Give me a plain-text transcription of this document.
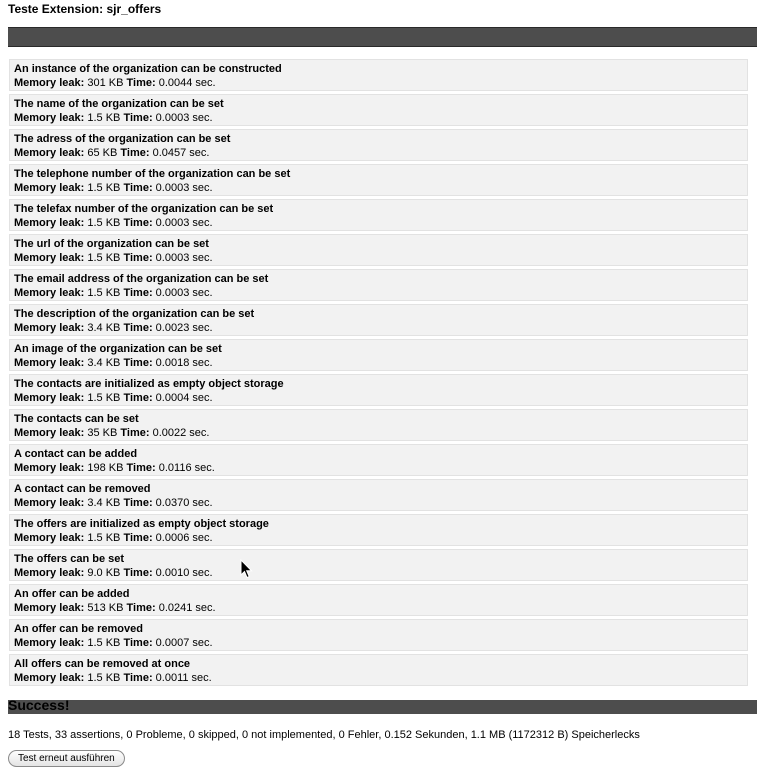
Teste Extension: sjr_offers
An instance of the organization can be constructed
Memory leak: 301 KB Time: 0.0044 sec.
The name of the organization can be set
Memory leak: 1.5 KB Time: 0.0003 sec.
The adress of the organization can be set
Memory leak: 65 KB Time: 0.0457 sec.
The telephone number of the organization can be set
Memory leak: 1.5 KB Time: 0.0003 sec.
The telefax number of the organization can be set
Memory leak: 1.5 KB Time: 0.0003 sec.
The url of the organization can be set
Memory leak: 1.5 KB Time: 0.0003 sec.
The email address of the organization can be set
Memory leak: 1.5 KB Time: 0.0003 sec.
The description of the organization can be set
Memory leak: 3.4 KB Time: 0.0023 sec.
An image of the organization can be set
Memory leak: 3.4 KB Time: 0.0018 sec.
The contacts are initialized as empty object storage
Memory leak: 1.5 KB Time: 0.0004 sec.
The contacts can be set
Memory leak: 35 KB Time: 0.0022 sec.
A contact can be added
Memory leak: 198 KB Time: 0.0116 sec.
A contact can be removed
Memory leak: 3.4 KB Time: 0.0370 sec.
The offers are initialized as empty object storage
Memory leak: 1.5 KB Time: 0.0006 sec.
The offers can be set
Memory leak: 9.0 KB Time: 0.0010 sec.
An offer can be added
Memory leak: 513 KB Time: 0.0241 sec.
An offer can be removed
Memory leak: 1.5 KB Time: 0.0007 sec.
All offers can be removed at once
Memory leak: 1.5 KB Time: 0.0011 sec.
Success!
18 Tests, 33 assertions, 0 Probleme, 0 skipped, 0 not implemented, 0 Fehler, 0.152 Sekunden, 1.1 MB (1172312 B) Speicherlecks
Test erneut ausführen
